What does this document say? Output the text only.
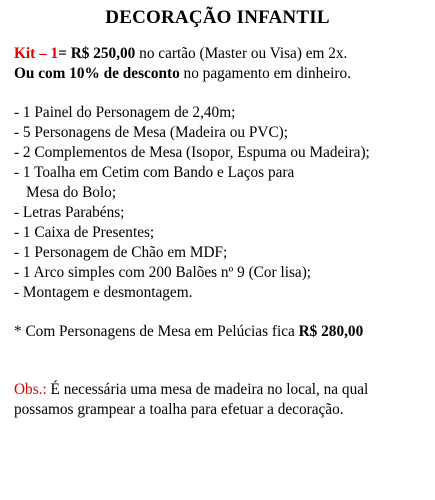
DECORAÇÃO INFANTIL
Kit – 1= R$ 250,00 no cartão (Master ou Visa) em 2x.
Ou com 10% de desconto no pagamento em dinheiro.
- 1 Painel do Personagem de 2,40m;
- 5 Personagens de Mesa (Madeira ou PVC);
- 2 Complementos de Mesa (Isopor, Espuma ou Madeira);
- 1 Toalha em Cetim com Bando e Laços para
Mesa do Bolo;
- Letras Parabéns;
- 1 Caixa de Presentes;
- 1 Personagem de Chão em MDF;
- 1 Arco simples com 200 Balões nº 9 (Cor lisa);
- Montagem e desmontagem.
* Com Personagens de Mesa em Pelúcias fica R$ 280,00
Obs.: É necessária uma mesa de madeira no local, na qual
possamos grampear a toalha para efetuar a decoração.
